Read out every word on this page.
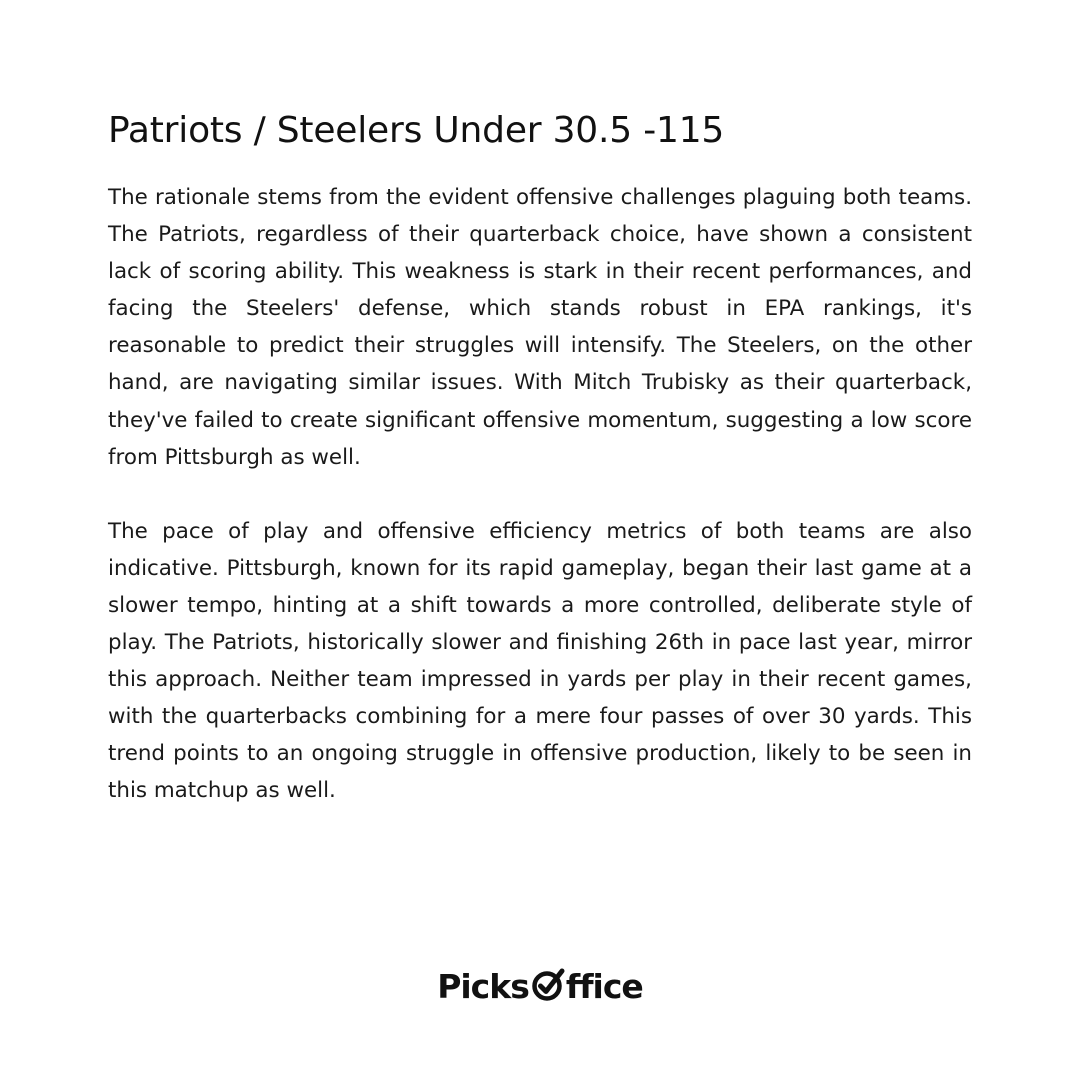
Patriots / Steelers Under 30.5 -115

The rationale stems from the evident offensive challenges plaguing both teams. The Patriots, regardless of their quarterback choice, have shown a consistent lack of scoring ability. This weakness is stark in their recent performances, and facing the Steelers' defense, which stands robust in EPA rankings, it's reasonable to predict their struggles will intensify. The Steelers, on the other hand, are navigating similar issues. With Mitch Trubisky as their quarterback, they've failed to create significant offensive momentum, suggesting a low score from Pittsburgh as well.

The pace of play and offensive efficiency metrics of both teams are also indicative. Pittsburgh, known for its rapid gameplay, began their last game at a slower tempo, hinting at a shift towards a more controlled, deliberate style of play. The Patriots, historically slower and finishing 26th in pace last year, mirror this approach. Neither team impressed in yards per play in their recent games, with the quarterbacks combining for a mere four passes of over 30 yards. This trend points to an ongoing struggle in offensive production, likely to be seen in this matchup as well.

Picks ffice
